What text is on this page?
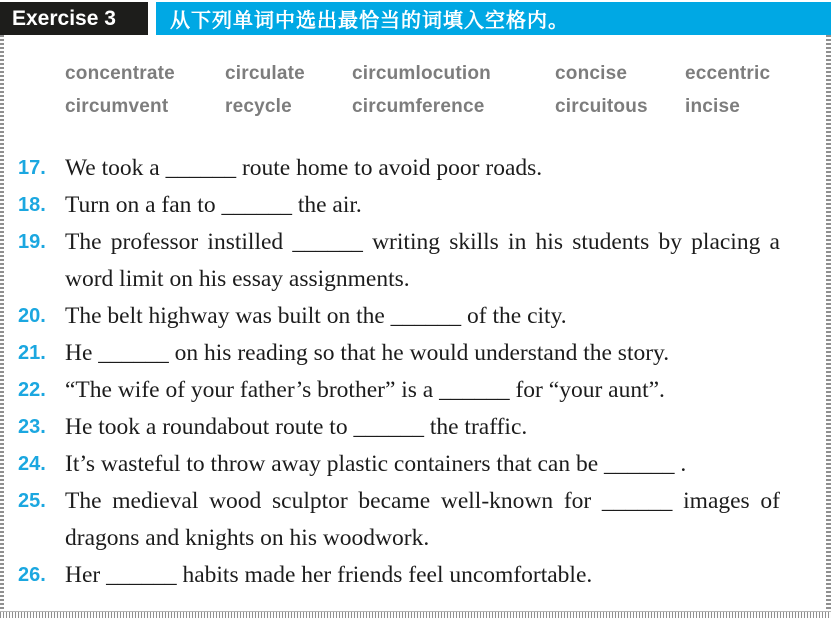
Exercise 3	从下列单词中选出最恰当的词填入空格内。
concentrate	circulate	circumlocution	concise	eccentric
circumvent	recycle	circumference	circuitous	incise
17. We took a ______ route home to avoid poor roads.
18. Turn on a fan to ______ the air.
19. The professor instilled ______ writing skills in his students by placing a word limit on his essay assignments.
20. The belt highway was built on the ______ of the city.
21. He ______ on his reading so that he would understand the story.
22. “The wife of your father’s brother” is a ______ for “your aunt”.
23. He took a roundabout route to ______ the traffic.
24. It’s wasteful to throw away plastic containers that can be ______ .
25. The medieval wood sculptor became well-known for ______ images of dragons and knights on his woodwork.
26. Her ______ habits made her friends feel uncomfortable.
